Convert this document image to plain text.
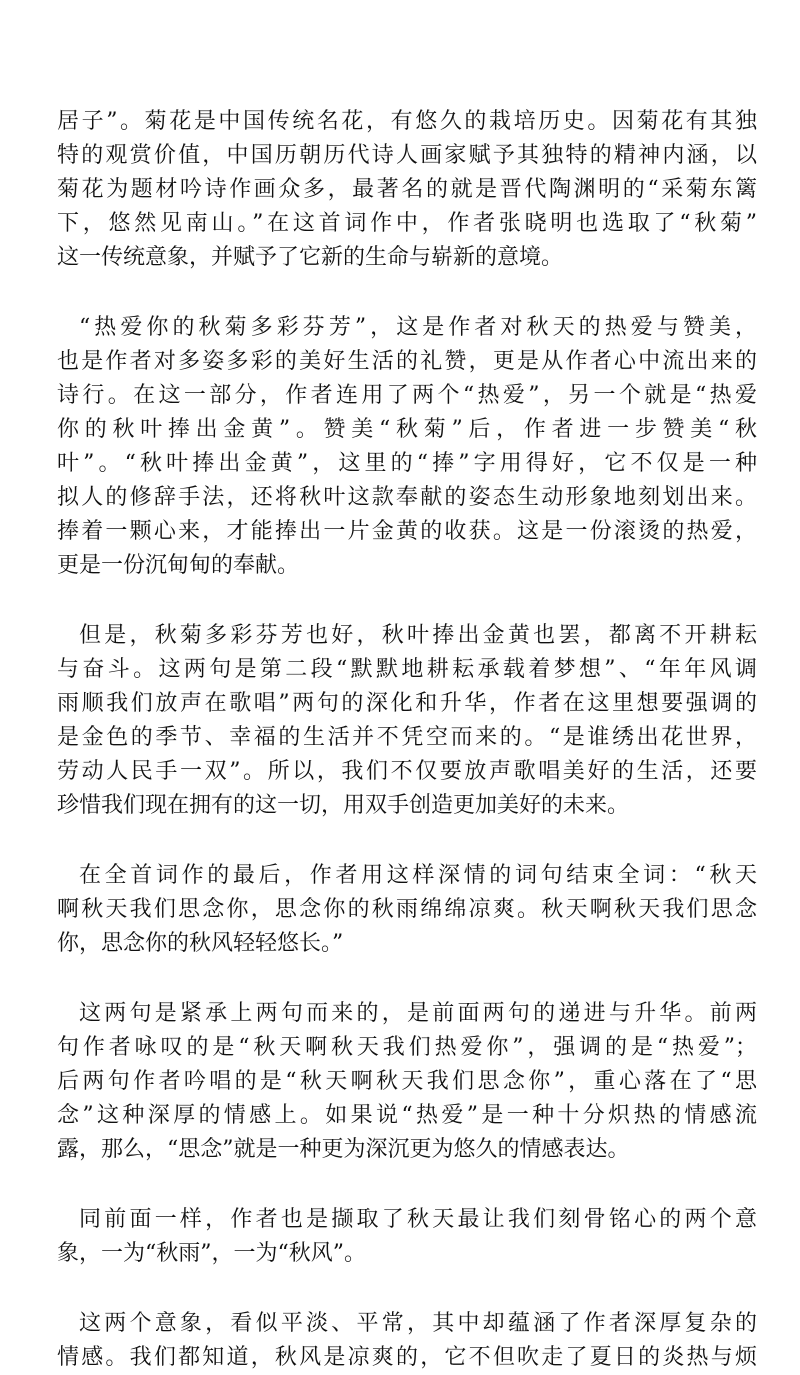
居子”。菊花是中国传统名花，有悠久的栽培历史。因菊花有其独
特的观赏价值，中国历朝历代诗人画家赋予其独特的精神内涵，以
菊花为题材吟诗作画众多，最著名的就是晋代陶渊明的“采菊东篱
下，悠然见南山。”在这首词作中，作者张晓明也选取了“秋菊”
这一传统意象，并赋予了它新的生命与崭新的意境。
“热爱你的秋菊多彩芬芳”，这是作者对秋天的热爱与赞美，
也是作者对多姿多彩的美好生活的礼赞，更是从作者心中流出来的
诗行。在这一部分，作者连用了两个“热爱”，另一个就是“热爱
你的秋叶捧出金黄”。赞美“秋菊”后，作者进一步赞美“秋
叶”。“秋叶捧出金黄”，这里的“捧”字用得好，它不仅是一种
拟人的修辞手法，还将秋叶这款奉献的姿态生动形象地刻划出来。
捧着一颗心来，才能捧出一片金黄的收获。这是一份滚烫的热爱，
更是一份沉甸甸的奉献。
但是，秋菊多彩芬芳也好，秋叶捧出金黄也罢，都离不开耕耘
与奋斗。这两句是第二段“默默地耕耘承载着梦想”、“年年风调
雨顺我们放声在歌唱”两句的深化和升华，作者在这里想要强调的
是金色的季节、幸福的生活并不凭空而来的。“是谁绣出花世界，
劳动人民手一双”。所以，我们不仅要放声歌唱美好的生活，还要
珍惜我们现在拥有的这一切，用双手创造更加美好的未来。
在全首词作的最后，作者用这样深情的词句结束全词：“秋天
啊秋天我们思念你，思念你的秋雨绵绵凉爽。秋天啊秋天我们思念
你，思念你的秋风轻轻悠长。”
这两句是紧承上两句而来的，是前面两句的递进与升华。前两
句作者咏叹的是“秋天啊秋天我们热爱你”，强调的是“热爱”；
后两句作者吟唱的是“秋天啊秋天我们思念你”，重心落在了“思
念”这种深厚的情感上。如果说“热爱”是一种十分炽热的情感流
露，那么，“思念”就是一种更为深沉更为悠久的情感表达。
同前面一样，作者也是撷取了秋天最让我们刻骨铭心的两个意
象，一为“秋雨”，一为“秋风”。
这两个意象，看似平淡、平常，其中却蕴涵了作者深厚复杂的
情感。我们都知道，秋风是凉爽的，它不但吹走了夏日的炎热与烦
